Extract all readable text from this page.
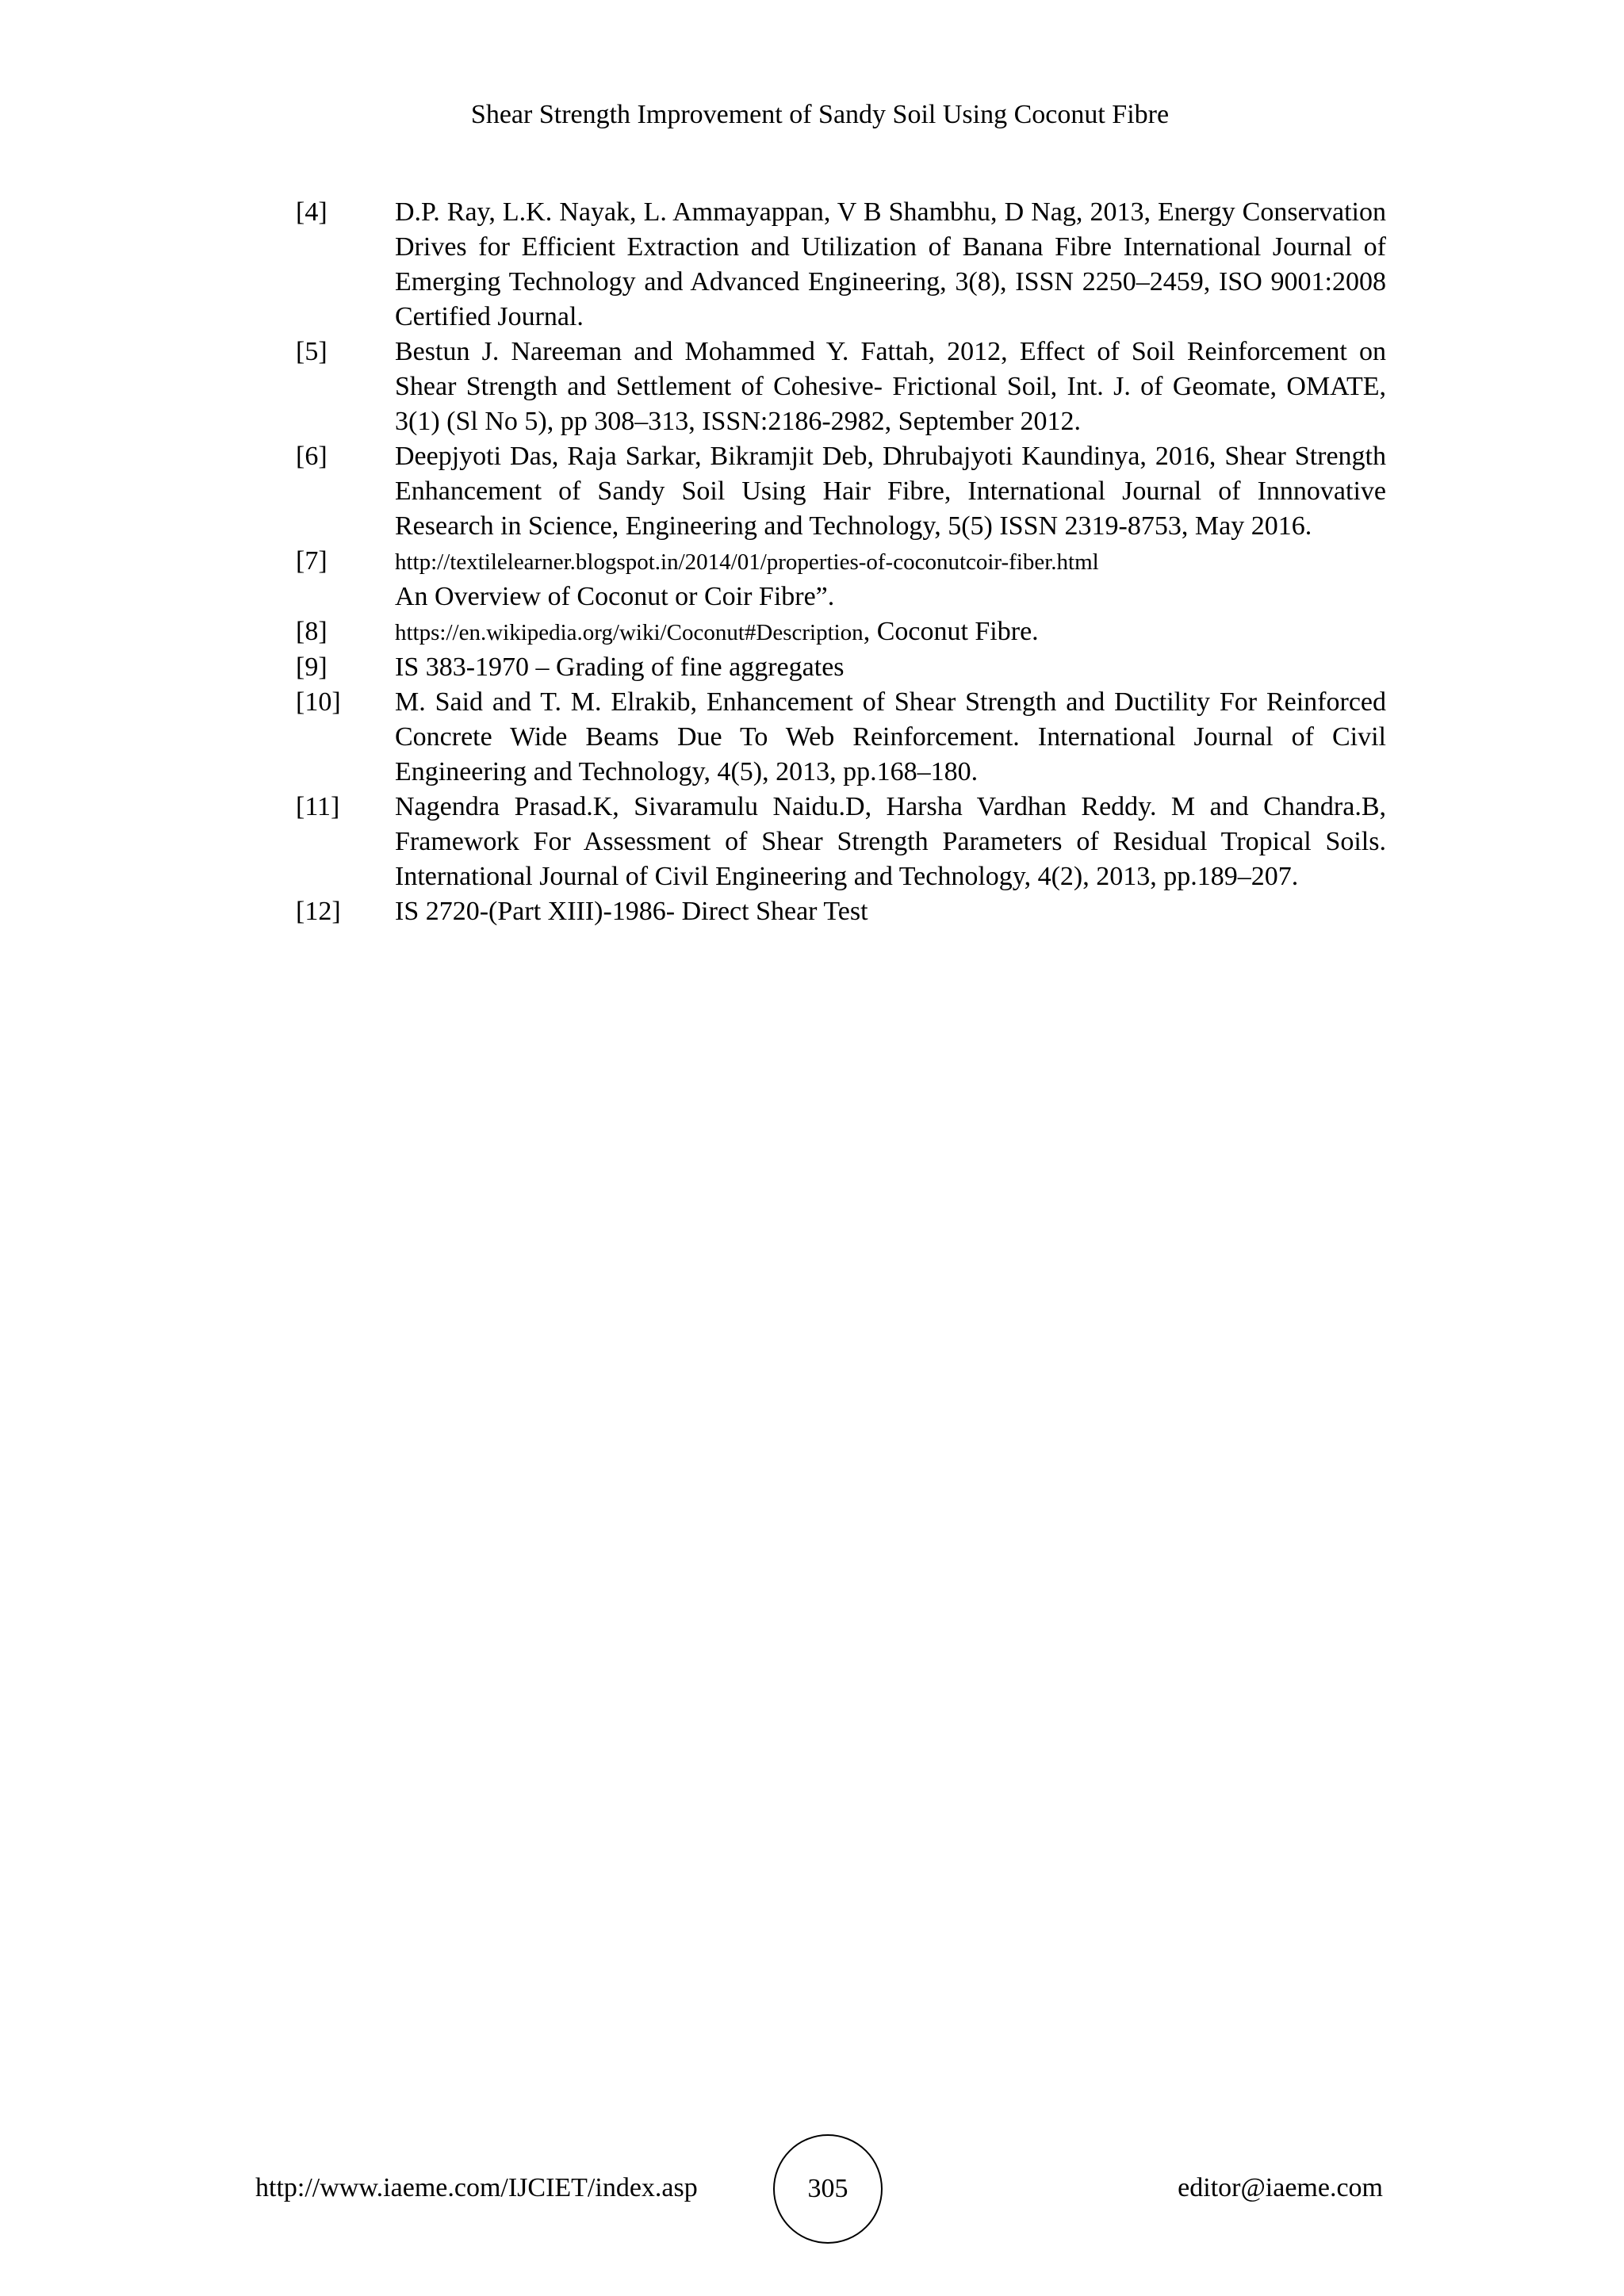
Shear Strength Improvement of Sandy Soil Using Coconut Fibre
[4]	D.P. Ray, L.K. Nayak, L. Ammayappan, V B Shambhu, D Nag, 2013, Energy Conservation Drives for Efficient Extraction and Utilization of Banana Fibre International Journal of Emerging Technology and Advanced Engineering, 3(8), ISSN 2250–2459, ISO 9001:2008 Certified Journal.
[5]	Bestun J. Nareeman and Mohammed Y. Fattah, 2012, Effect of Soil Reinforcement on Shear Strength and Settlement of Cohesive- Frictional Soil, Int. J. of Geomate, OMATE, 3(1) (Sl No 5), pp 308–313, ISSN:2186-2982, September 2012.
[6]	Deepjyoti Das, Raja Sarkar, Bikramjit Deb, Dhrubajyoti Kaundinya, 2016, Shear Strength Enhancement of Sandy Soil Using Hair Fibre, International Journal of Innnovative Research in Science, Engineering and Technology, 5(5) ISSN 2319-8753, May 2016.
[7]	http://textilelearner.blogspot.in/2014/01/properties-of-coconutcoir-fiber.html
An Overview of Coconut or Coir Fibre”.
[8]	https://en.wikipedia.org/wiki/Coconut#Description, Coconut Fibre.
[9]	IS 383-1970 – Grading of fine aggregates
[10] M. Said and T. M. Elrakib, Enhancement of Shear Strength and Ductility For Reinforced Concrete Wide Beams Due To Web Reinforcement. International Journal of Civil Engineering and Technology, 4(5), 2013, pp.168–180.
[11] Nagendra Prasad.K, Sivaramulu Naidu.D, Harsha Vardhan Reddy. M and Chandra.B, Framework For Assessment of Shear Strength Parameters of Residual Tropical Soils. International Journal of Civil Engineering and Technology, 4(2), 2013, pp.189–207.
[12] IS 2720-(Part XIII)-1986- Direct Shear Test
http://www.iaeme.com/IJCIET/index.asp	305	editor@iaeme.com
